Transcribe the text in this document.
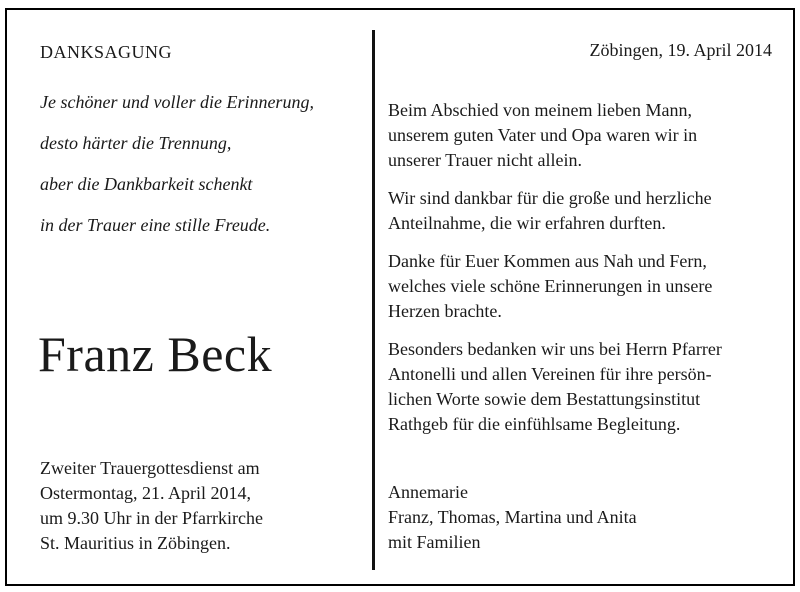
DANKSAGUNG

Je schöner und voller die Erinnerung,
desto härter die Trennung,
aber die Dankbarkeit schenkt
in der Trauer eine stille Freude.
Franz Beck
Zweiter Trauergottesdienst am
Ostermontag, 21. April 2014,
um 9.30 Uhr in der Pfarrkirche
St. Mauritius in Zöbingen.
Zöbingen, 19. April 2014
Beim Abschied von meinem lieben Mann,
unserem guten Vater und Opa waren wir in
unserer Trauer nicht allein.
Wir sind dankbar für die große und herzliche
Anteilnahme, die wir erfahren durften.
Danke für Euer Kommen aus Nah und Fern,
welches viele schöne Erinnerungen in unsere
Herzen brachte.
Besonders bedanken wir uns bei Herrn Pfarrer
Antonelli und allen Vereinen für ihre persön-
lichen Worte sowie dem Bestattungsinstitut
Rathgeb für die einfühlsame Begleitung.
Annemarie
Franz, Thomas, Martina und Anita
mit Familien
